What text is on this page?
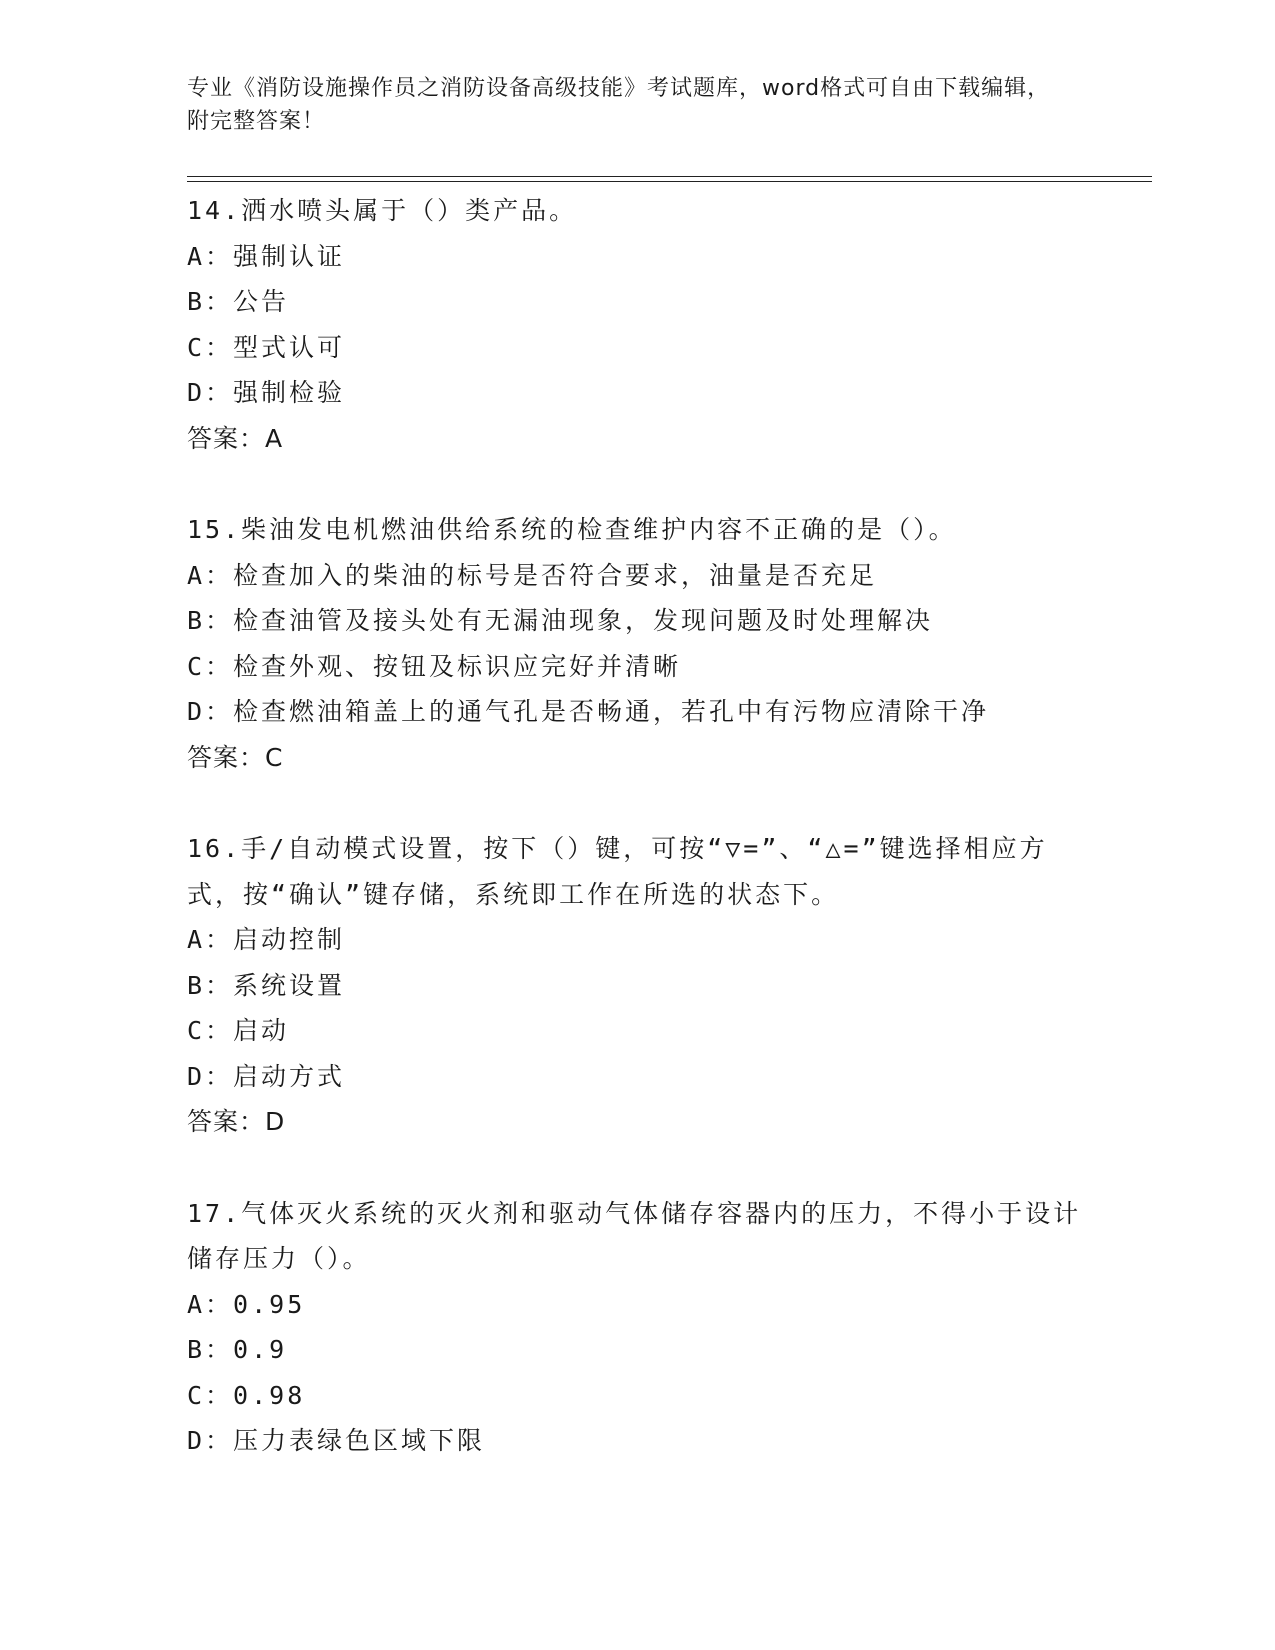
专业《消防设施操作员之消防设备高级技能》考试题库，word格式可自由下载编辑，附完整答案！
14.洒水喷头属于（）类产品。
A：强制认证
B：公告
C：型式认可
D：强制检验
答案：A
15.柴油发电机燃油供给系统的检查维护内容不正确的是（）。
A：检查加入的柴油的标号是否符合要求，油量是否充足
B：检查油管及接头处有无漏油现象，发现问题及时处理解决
C：检查外观、按钮及标识应完好并清晰
D：检查燃油箱盖上的通气孔是否畅通，若孔中有污物应清除干净
答案：C
16.手/自动模式设置，按下（）键，可按“▽=”、“△=”键选择相应方式，按“确认”键存储，系统即工作在所选的状态下。
A：启动控制
B：系统设置
C：启动
D：启动方式
答案：D
17.气体灭火系统的灭火剂和驱动气体储存容器内的压力，不得小于设计储存压力（）。
A：0.95
B：0.9
C：0.98
D：压力表绿色区域下限
